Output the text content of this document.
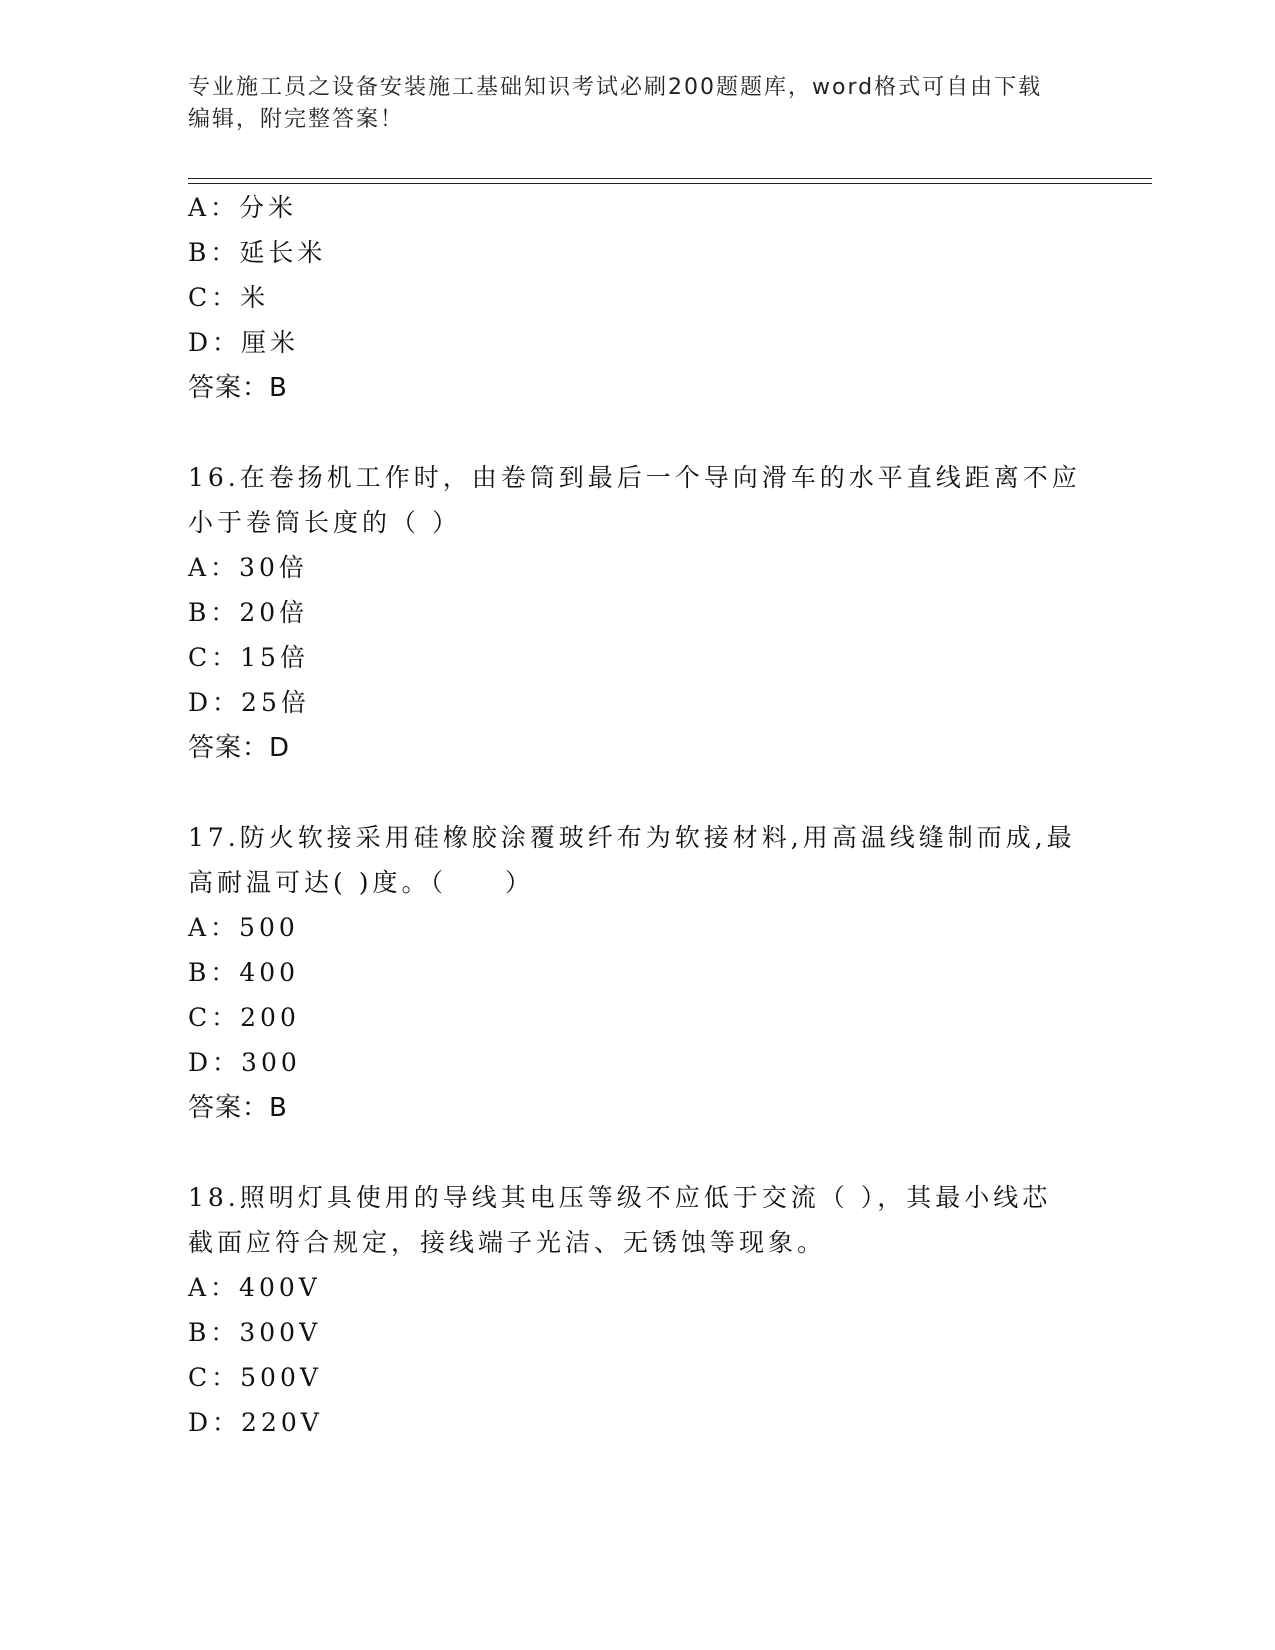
专业施工员之设备安装施工基础知识考试必刷200题题库，word格式可自由下载
编辑，附完整答案！
A：分米
B：延长米
C：米
D：厘米
答案：B
16.在卷扬机工作时，由卷筒到最后一个导向滑车的水平直线距离不应
小于卷筒长度的（ ）
A：30倍
B：20倍
C：15倍
D：25倍
答案：D
17.防火软接采用硅橡胶涂覆玻纤布为软接材料,用高温线缝制而成,最
高耐温可达( )度。（　　）
A：500
B：400
C：200
D：300
答案：B
18.照明灯具使用的导线其电压等级不应低于交流（ ），其最小线芯
截面应符合规定，接线端子光洁、无锈蚀等现象。
A：400V
B：300V
C：500V
D：220V
